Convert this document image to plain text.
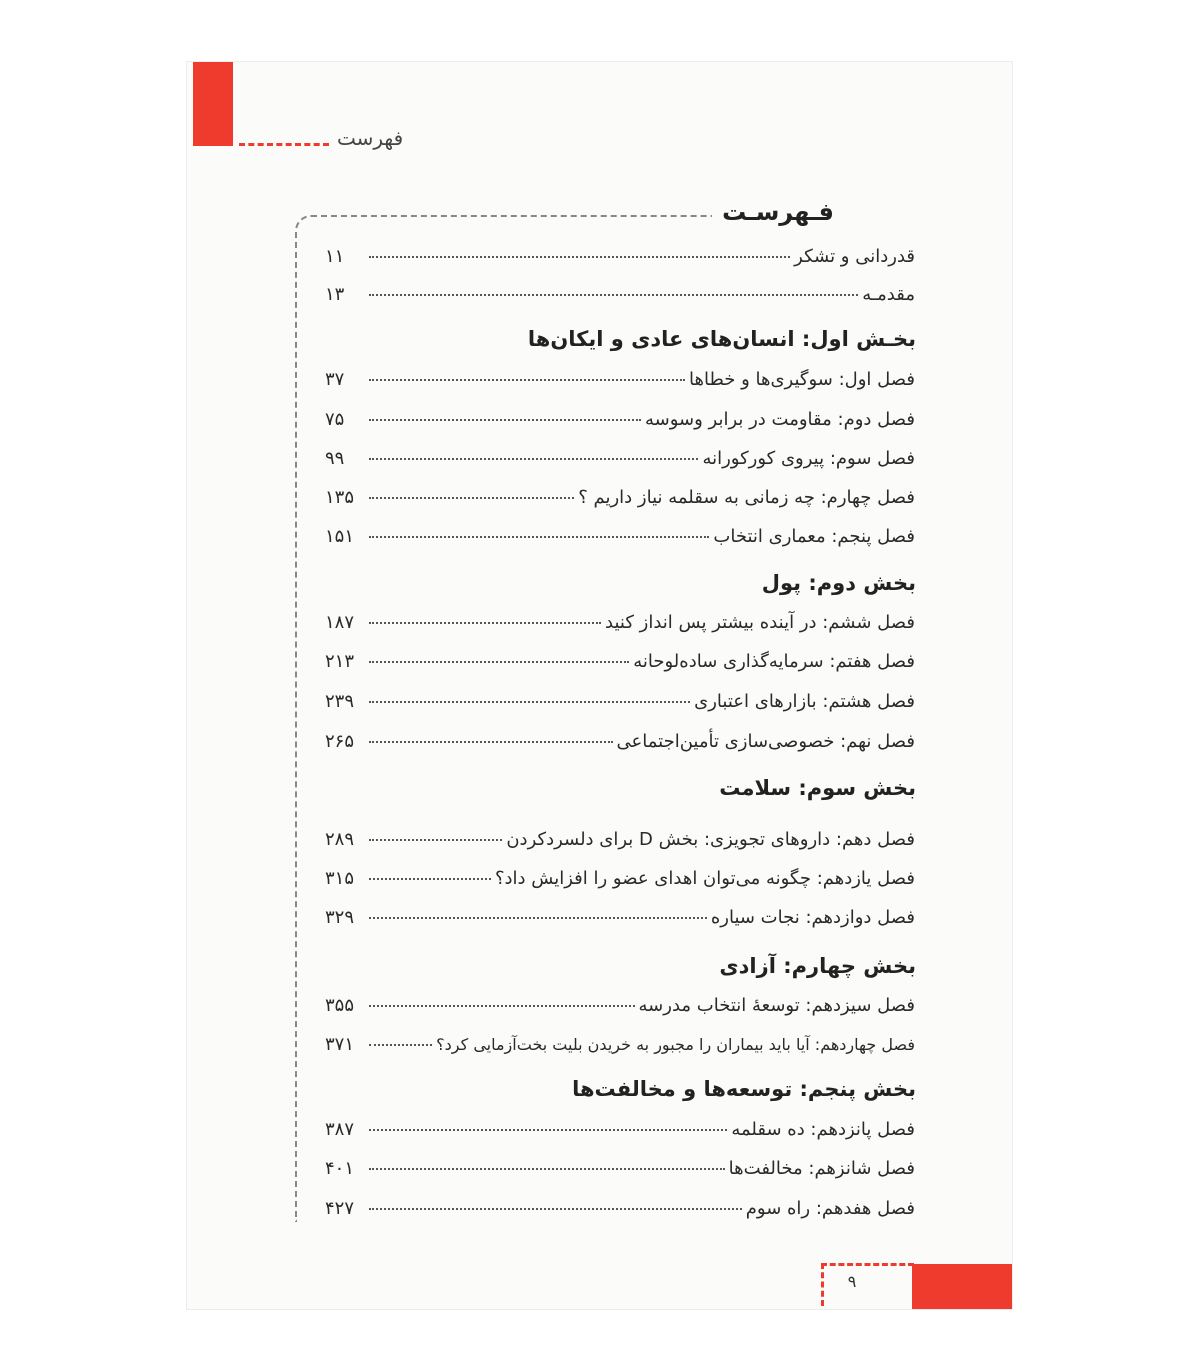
فهرست
فـهرسـت
قدردانی و تشکر
۱۱
مقدمـه
۱۳
بخـش اول: انسان‌های عادی و ایکان‌ها
فصل اول: سوگیری‌ها و خطاها
۳۷
فصل دوم: مقاومت در برابر وسوسه
۷۵
فصل سوم: پیروی کورکورانه
۹۹
فصل چهارم: چه زمانی به سقلمه نیاز داریم ؟
۱۳۵
فصل پنجم: معماری انتخاب
۱۵۱
بخش دوم: پول
فصل ششم: در آینده بیشتر پس انداز کنید
۱۸۷
فصل هفتم: سرمایه‌گذاری ساده‌لوحانه
۲۱۳
فصل هشتم: بازارهای اعتباری
۲۳۹
فصل نهم: خصوصی‌سازی تأمین‌اجتماعی
۲۶۵
بخش سوم: سلامت
فصل دهم: داروهای تجویزی: بخش D برای دلسردکردن
۲۸۹
فصل یازدهم: چگونه می‌توان اهدای عضو را افزایش داد؟
۳۱۵
فصل دوازدهم: نجات سیاره
۳۲۹
بخش چهارم: آزادی
فصل سیزدهم: توسعهٔ انتخاب مدرسه
۳۵۵
فصل چهاردهم: آیا باید بیماران را مجبور به خریدن بلیت بخت‌آزمایی کرد؟
۳۷۱
بخش پنجم: توسعه‌ها و مخالفت‌ها
فصل پانزدهم: ده سقلمه
۳۸۷
فصل شانزهم: مخالفت‌ها
۴۰۱
فصل هفدهم: راه سوم
۴۲۷
۹
